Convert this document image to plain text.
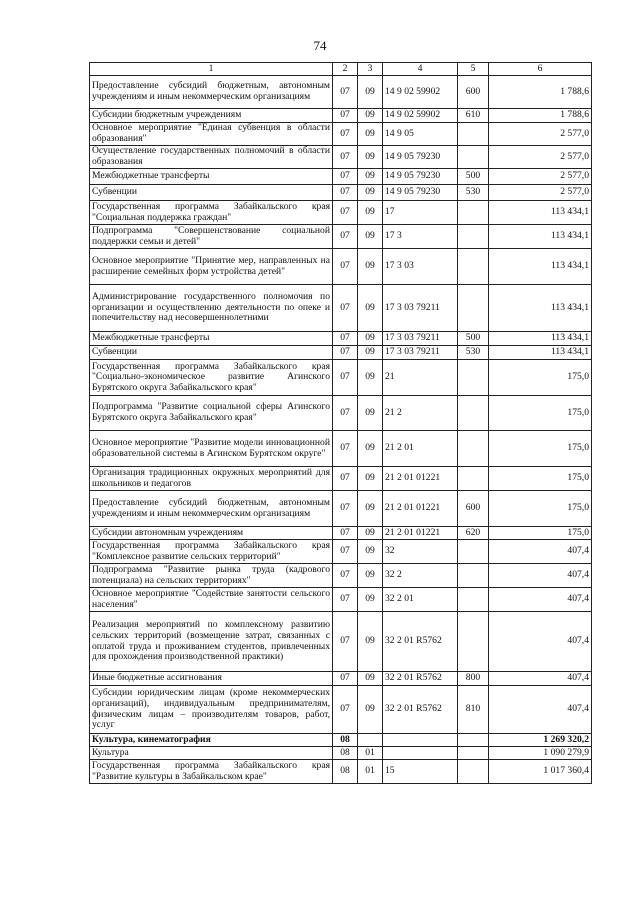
74
1	2	3	4	5	6
Предоставление субсидий бюджетным, автономным учреждениям и иным некоммерческим организациям	07	09	14 9 02 59902	600	1 788,6
Субсидии бюджетным учреждениям	07	09	14 9 02 59902	610	1 788,6
Основное мероприятие "Единая субвенция в области образования"	07	09	14 9 05		2 577,0
Осуществление государственных полномочий в области образования	07	09	14 9 05 79230		2 577,0
Межбюджетные трансферты	07	09	14 9 05 79230	500	2 577,0
Субвенции	07	09	14 9 05 79230	530	2 577,0
Государственная программа Забайкальского края "Социальная поддержка граждан"	07	09	17		113 434,1
Подпрограмма "Совершенствование социальной поддержки семьи и детей"	07	09	17 3		113 434,1
Основное мероприятие "Принятие мер, направленных на расширение семейных форм устройства детей"	07	09	17 3 03		113 434,1
Администрирование государственного полномочия по организации и осуществлению деятельности по опеке и попечительству над несовершеннолетними	07	09	17 3 03 79211		113 434,1
Межбюджетные трансферты	07	09	17 3 03 79211	500	113 434,1
Субвенции	07	09	17 3 03 79211	530	113 434,1
Государственная программа Забайкальского края "Социально-экономическое развитие Агинского Бурятского округа Забайкальского края"	07	09	21		175,0
Подпрограмма "Развитие социальной сферы Агинского Бурятского округа Забайкальского края"	07	09	21 2		175,0
Основное мероприятие "Развитие модели инновационной образовательной системы в Агинском Бурятском округе"	07	09	21 2 01		175,0
Организация традиционных окружных мероприятий для школьников и педагогов	07	09	21 2 01 01221		175,0
Предоставление субсидий бюджетным, автономным учреждениям и иным некоммерческим организациям	07	09	21 2 01 01221	600	175,0
Субсидии автономным учреждениям	07	09	21 2 01 01221	620	175,0
Государственная программа Забайкальского края "Комплексное развитие сельских территорий"	07	09	32		407,4
Подпрограмма "Развитие рынка труда (кадрового потенциала) на сельских территориях"	07	09	32 2		407,4
Основное мероприятие "Содействие занятости сельского населения"	07	09	32 2 01		407,4
Реализация мероприятий по комплексному развитию сельских территорий (возмещение затрат, связанных с оплатой труда и проживанием студентов, привлеченных для прохождения производственной практики)	07	09	32 2 01 R5762		407,4
Иные бюджетные ассигнования	07	09	32 2 01 R5762	800	407,4
Субсидии юридическим лицам (кроме некоммерческих организаций), индивидуальным предпринимателям, физическим лицам – производителям товаров, работ, услуг	07	09	32 2 01 R5762	810	407,4
Культура, кинематография	08				1 269 320,2
Культура	08	01			1 090 279,9
Государственная программа Забайкальского края "Развитие культуры в Забайкальском крае"	08	01	15		1 017 360,4
